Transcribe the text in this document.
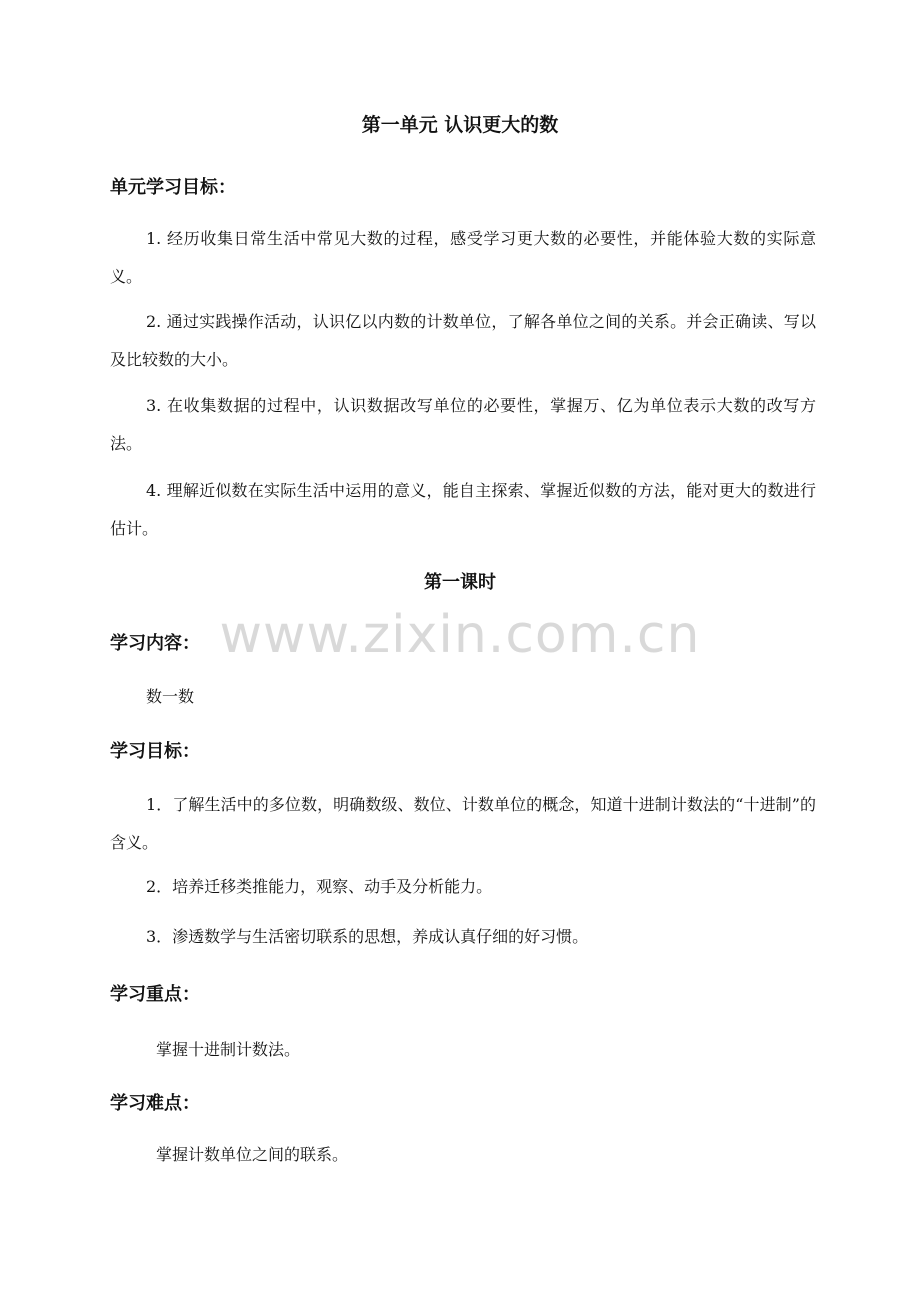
第一单元 认识更大的数
单元学习目标：
1. 经历收集日常生活中常见大数的过程，感受学习更大数的必要性，并能体验大数的实际意义。
2. 通过实践操作活动，认识亿以内数的计数单位，了解各单位之间的关系。并会正确读、写以及比较数的大小。
3. 在收集数据的过程中，认识数据改写单位的必要性，掌握万、亿为单位表示大数的改写方法。
4. 理解近似数在实际生活中运用的意义，能自主探索、掌握近似数的方法，能对更大的数进行估计。
第一课时
学习内容：
数一数
学习目标：
1．了解生活中的多位数，明确数级、数位、计数单位的概念，知道十进制计数法的“十进制”的含义。
2．培养迁移类推能力，观察、动手及分析能力。
3．渗透数学与生活密切联系的思想，养成认真仔细的好习惯。
学习重点：
掌握十进制计数法。
学习难点：
掌握计数单位之间的联系。
www.zixin.com.cn
